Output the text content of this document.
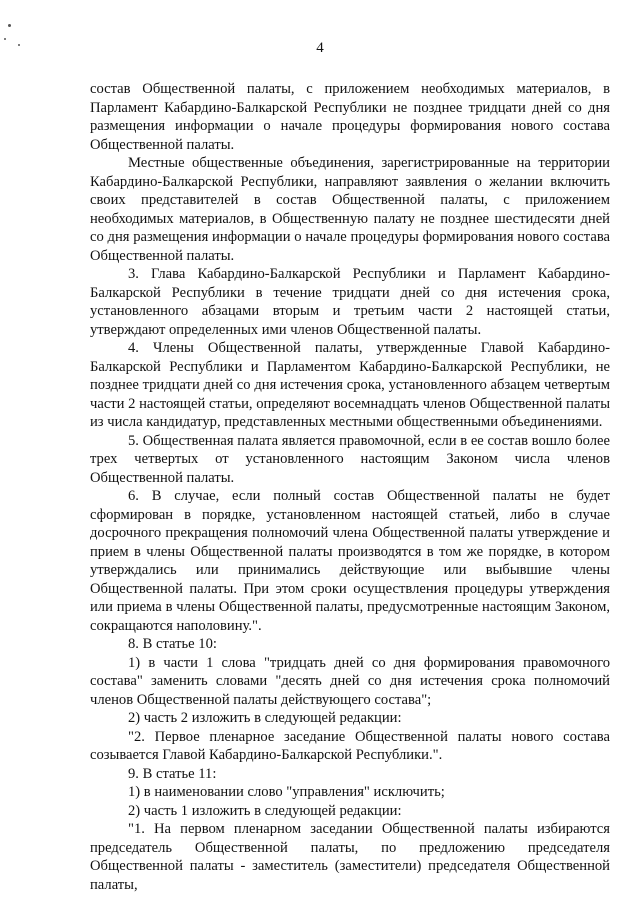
4

состав Общественной палаты, с приложением необходимых материалов, в Парламент Кабардино-Балкарской Республики не позднее тридцати дней со дня размещения информации о начале процедуры формирования нового состава Общественной палаты.

Местные общественные объединения, зарегистрированные на территории Кабардино-Балкарской Республики, направляют заявления о желании включить своих представителей в состав Общественной палаты, с приложением необходимых материалов, в Общественную палату не позднее шестидесяти дней со дня размещения информации о начале процедуры формирования нового состава Общественной палаты.

3. Глава Кабардино-Балкарской Республики и Парламент Кабардино-Балкарской Республики в течение тридцати дней со дня истечения срока, установленного абзацами вторым и третьим части 2 настоящей статьи, утверждают определенных ими членов Общественной палаты.

4. Члены Общественной палаты, утвержденные Главой Кабардино-Балкарской Республики и Парламентом Кабардино-Балкарской Республики, не позднее тридцати дней со дня истечения срока, установленного абзацем четвертым части 2 настоящей статьи, определяют восемнадцать членов Общественной палаты из числа кандидатур, представленных местными общественными объединениями.

5. Общественная палата является правомочной, если в ее состав вошло более трех четвертых от установленного настоящим Законом числа членов Общественной палаты.

6. В случае, если полный состав Общественной палаты не будет сформирован в порядке, установленном настоящей статьей, либо в случае досрочного прекращения полномочий члена Общественной палаты утверждение и прием в члены Общественной палаты производятся в том же порядке, в котором утверждались или принимались действующие или выбывшие члены Общественной палаты. При этом сроки осуществления процедуры утверждения или приема в члены Общественной палаты, предусмотренные настоящим Законом, сокращаются наполовину.".

8. В статье 10:

1) в части 1 слова "тридцать дней со дня формирования правомочного состава" заменить словами "десять дней со дня истечения срока полномочий членов Общественной палаты действующего состава";

2) часть 2 изложить в следующей редакции:

"2. Первое пленарное заседание Общественной палаты нового состава созывается Главой Кабардино-Балкарской Республики.".

9. В статье 11:

1) в наименовании слово "управления" исключить;

2) часть 1 изложить в следующей редакции:

"1. На первом пленарном заседании Общественной палаты избираются председатель Общественной палаты, по предложению председателя Общественной палаты - заместитель (заместители) председателя Общественной палаты,
